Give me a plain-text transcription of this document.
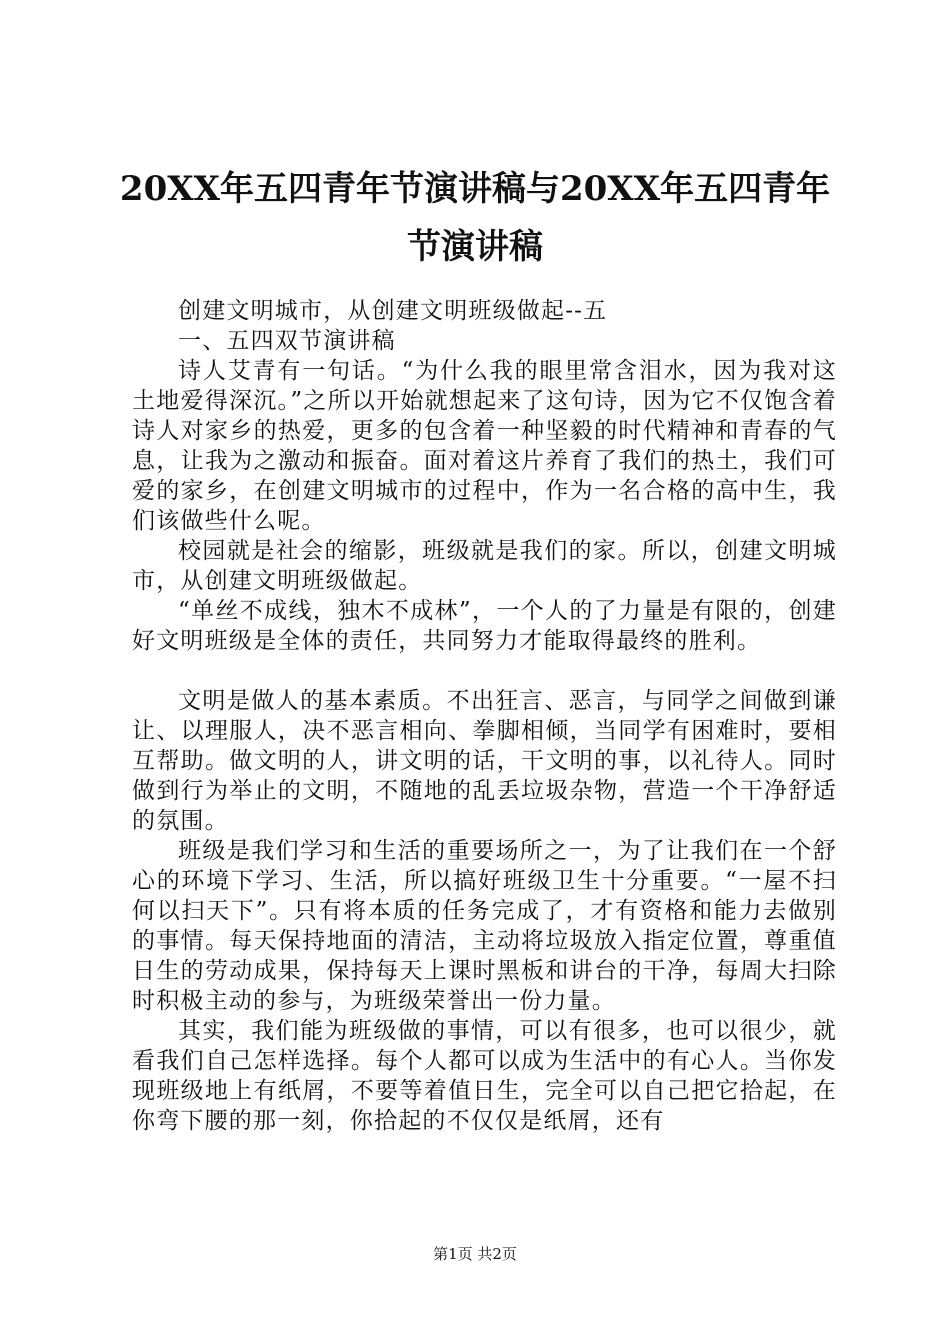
20XX年五四青年节演讲稿与20XX年五四青年节演讲稿

创建文明城市，从创建文明班级做起--五

一、五四双节演讲稿

诗人艾青有一句话。“为什么我的眼里常含泪水，因为我对这土地爱得深沉。”之所以开始就想起来了这句诗，因为它不仅饱含着诗人对家乡的热爱，更多的包含着一种坚毅的时代精神和青春的气息，让我为之激动和振奋。面对着这片养育了我们的热土，我们可爱的家乡，在创建文明城市的过程中，作为一名合格的高中生，我们该做些什么呢。

校园就是社会的缩影，班级就是我们的家。所以，创建文明城市，从创建文明班级做起。

“单丝不成线，独木不成林”，一个人的了力量是有限的，创建好文明班级是全体的责任，共同努力才能取得最终的胜利。

文明是做人的基本素质。不出狂言、恶言，与同学之间做到谦让、以理服人，决不恶言相向、拳脚相倾，当同学有困难时，要相互帮助。做文明的人，讲文明的话，干文明的事，以礼待人。同时做到行为举止的文明，不随地的乱丢垃圾杂物，营造一个干净舒适的氛围。

班级是我们学习和生活的重要场所之一，为了让我们在一个舒心的环境下学习、生活，所以搞好班级卫生十分重要。“一屋不扫何以扫天下”。只有将本质的任务完成了，才有资格和能力去做别的事情。每天保持地面的清洁，主动将垃圾放入指定位置，尊重值日生的劳动成果，保持每天上课时黑板和讲台的干净，每周大扫除时积极主动的参与，为班级荣誉出一份力量。

其实，我们能为班级做的事情，可以有很多，也可以很少，就看我们自己怎样选择。每个人都可以成为生活中的有心人。当你发现班级地上有纸屑，不要等着值日生，完全可以自己把它拾起，在你弯下腰的那一刻，你拾起的不仅仅是纸屑，还有

第1页 共2页
